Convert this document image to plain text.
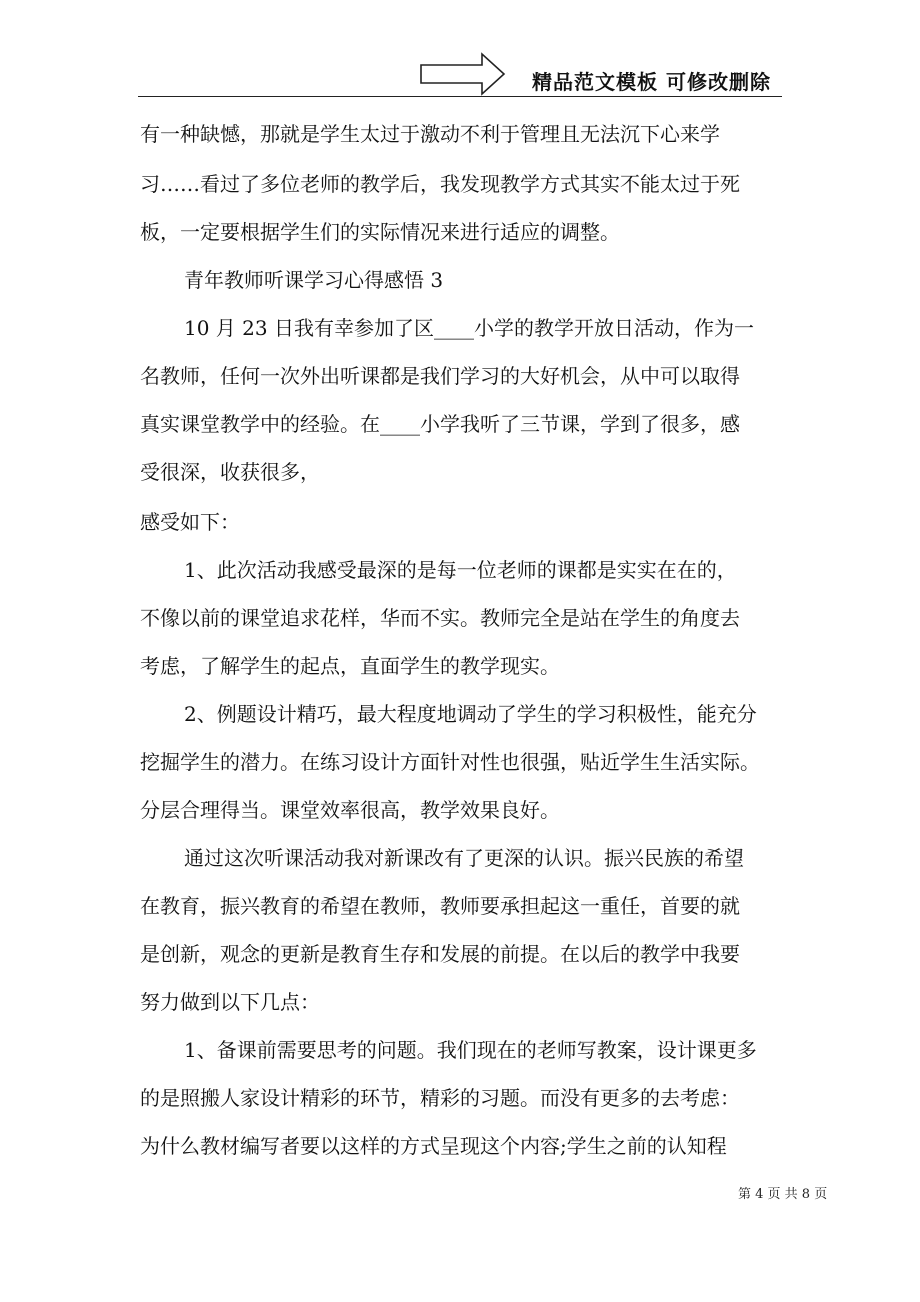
精品范文模板 可修改删除
有一种缺憾，那就是学生太过于激动不利于管理且无法沉下心来学
习……看过了多位老师的教学后，我发现教学方式其实不能太过于死
板，一定要根据学生们的实际情况来进行适应的调整。
青年教师听课学习心得感悟 3
10 月 23 日我有幸参加了区____小学的教学开放日活动，作为一
名教师，任何一次外出听课都是我们学习的大好机会，从中可以取得
真实课堂教学中的经验。在____小学我听了三节课，学到了很多，感
受很深，收获很多，
感受如下：
1、此次活动我感受最深的是每一位老师的课都是实实在在的，
不像以前的课堂追求花样，华而不实。教师完全是站在学生的角度去
考虑，了解学生的起点，直面学生的教学现实。
2、例题设计精巧，最大程度地调动了学生的学习积极性，能充分
挖掘学生的潜力。在练习设计方面针对性也很强，贴近学生生活实际。
分层合理得当。课堂效率很高，教学效果良好。
通过这次听课活动我对新课改有了更深的认识。振兴民族的希望
在教育，振兴教育的希望在教师，教师要承担起这一重任，首要的就
是创新，观念的更新是教育生存和发展的前提。在以后的教学中我要
努力做到以下几点：
1、备课前需要思考的问题。我们现在的老师写教案，设计课更多
的是照搬人家设计精彩的环节，精彩的习题。而没有更多的去考虑：
为什么教材编写者要以这样的方式呈现这个内容;学生之前的认知程
第 4 页 共 8 页
